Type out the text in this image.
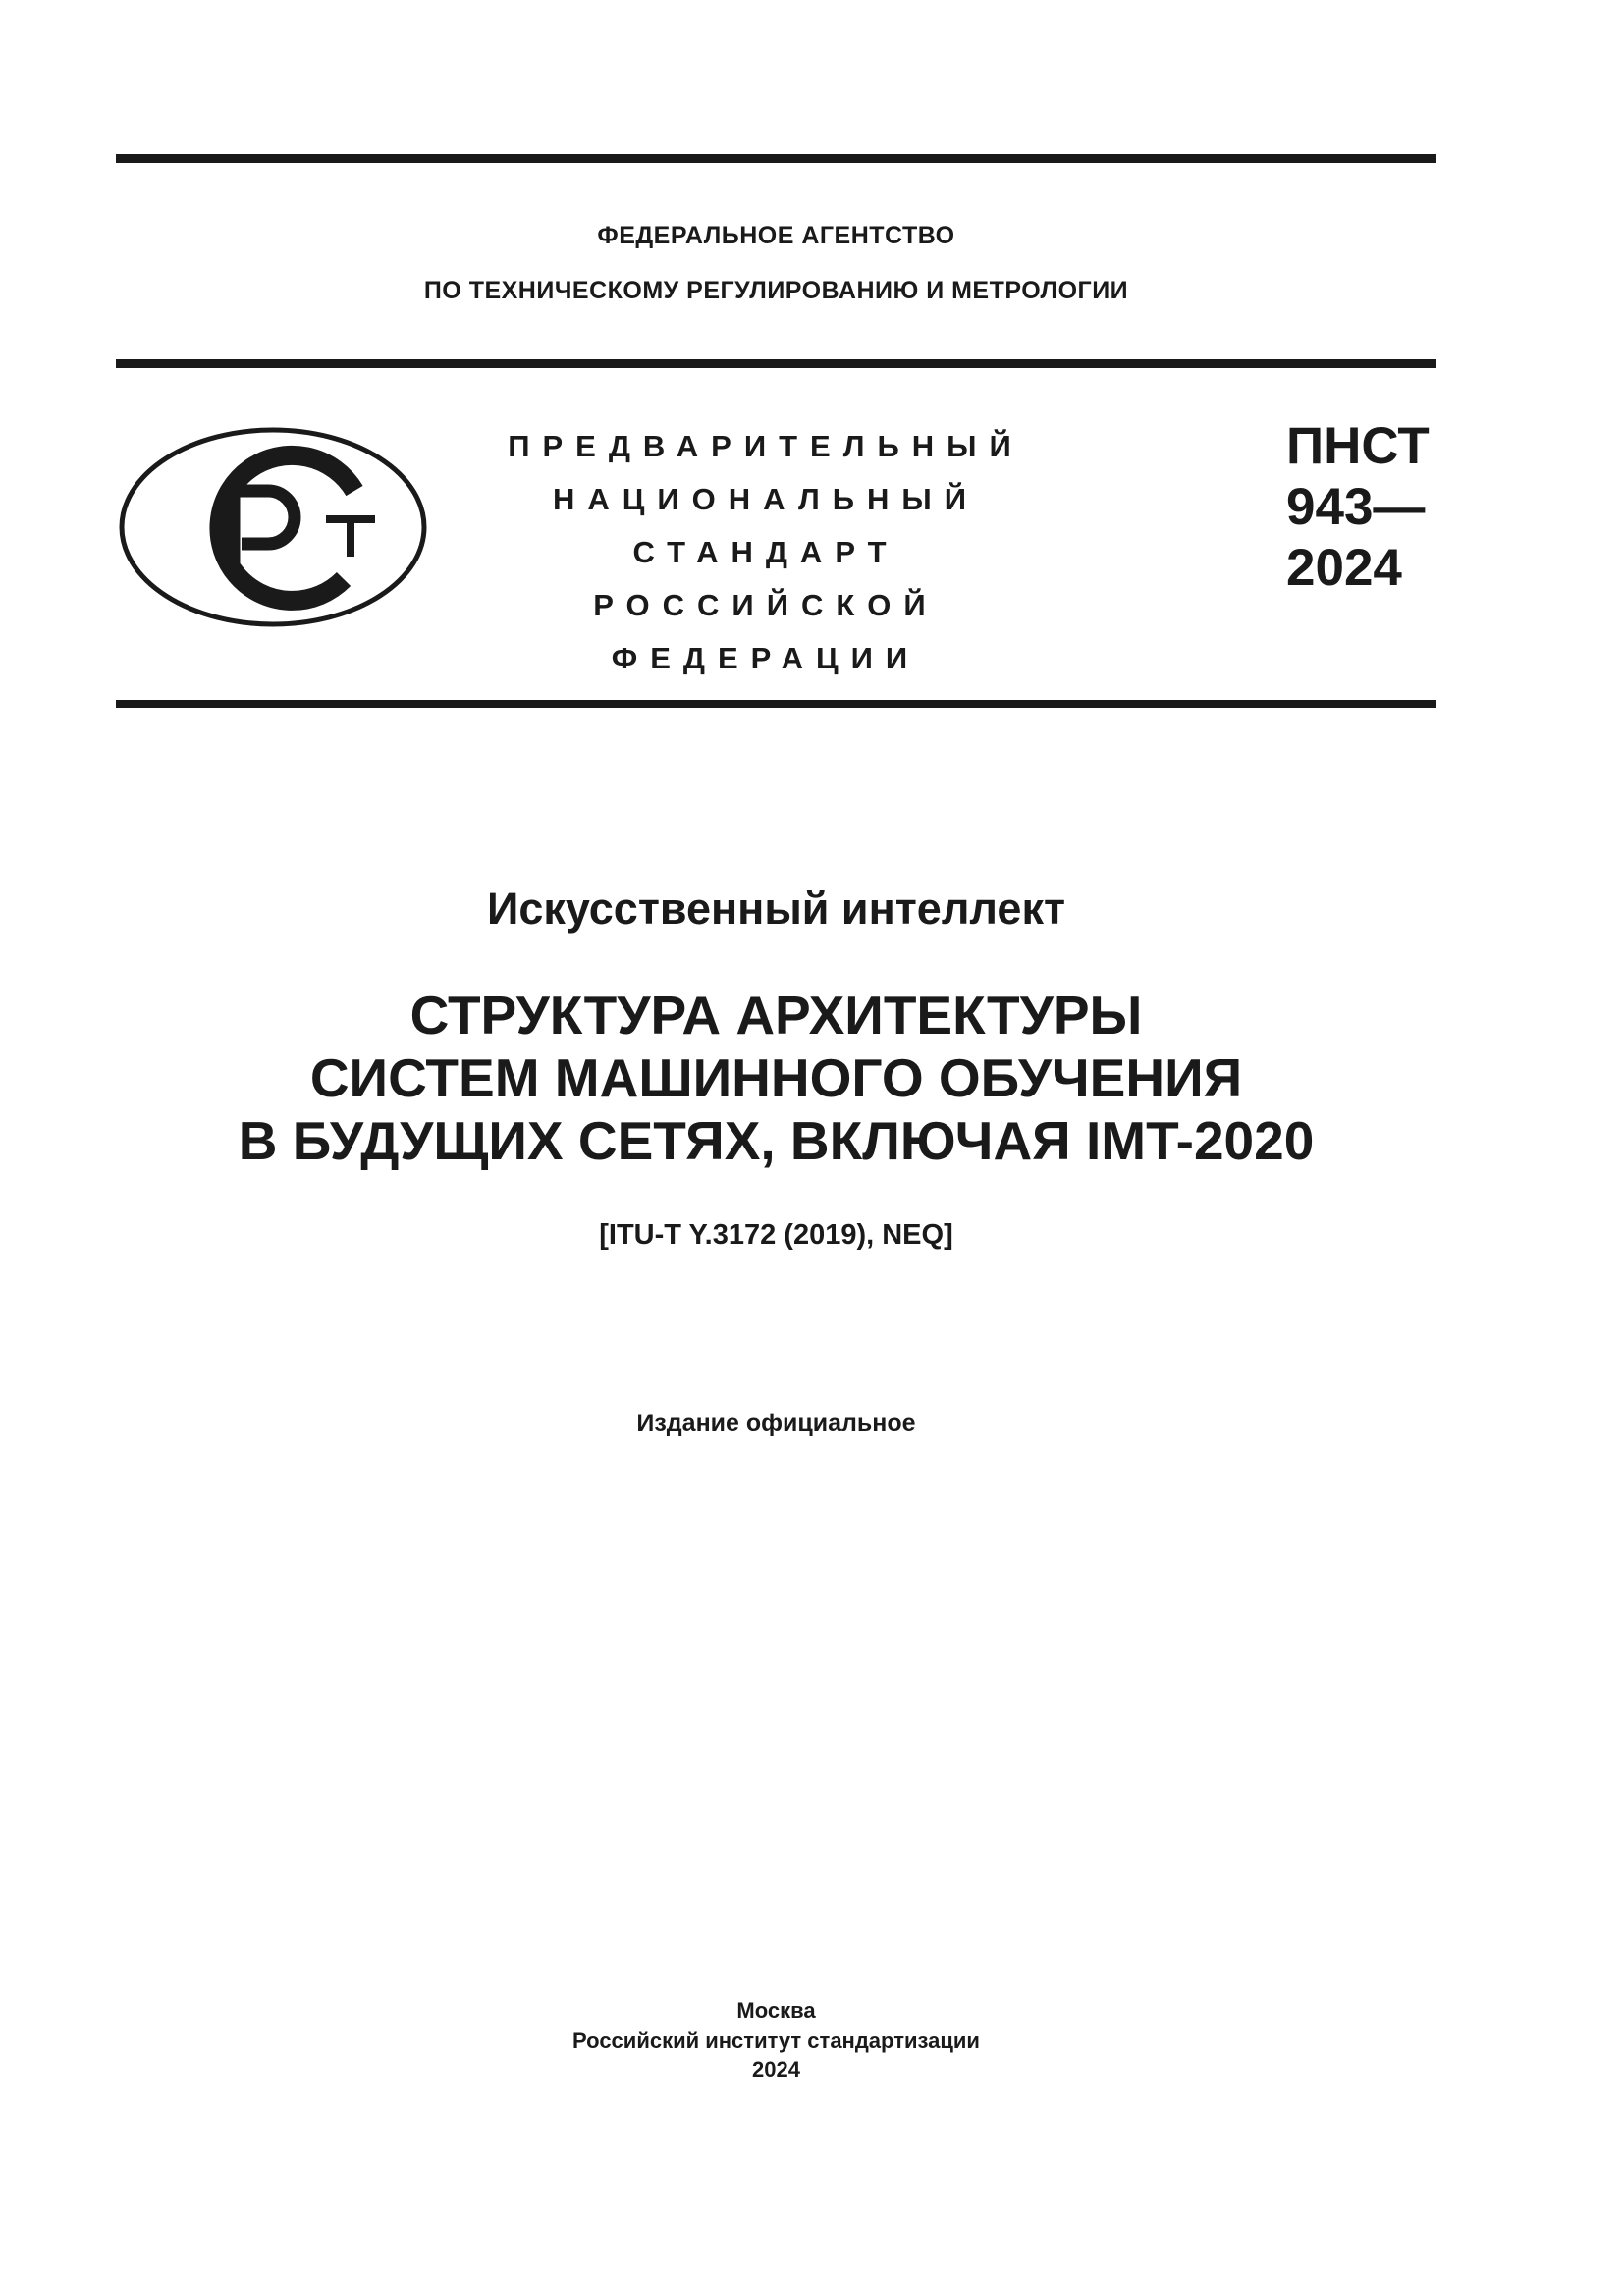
ФЕДЕРАЛЬНОЕ АГЕНТСТВО
ПО ТЕХНИЧЕСКОМУ РЕГУЛИРОВАНИЮ И МЕТРОЛОГИИ
ПРЕДВАРИТЕЛЬНЫЙ
НАЦИОНАЛЬНЫЙ
СТАНДАРТ
РОССИЙСКОЙ
ФЕДЕРАЦИИ
ПНСТ
943—
2024
Искусственный интеллект
СТРУКТУРА АРХИТЕКТУРЫ
СИСТЕМ МАШИННОГО ОБУЧЕНИЯ
В БУДУЩИХ СЕТЯХ, ВКЛЮЧАЯ IMT-2020
[ITU-T Y.3172 (2019), NEQ]
Издание официальное
Москва
Российский институт стандартизации
2024
